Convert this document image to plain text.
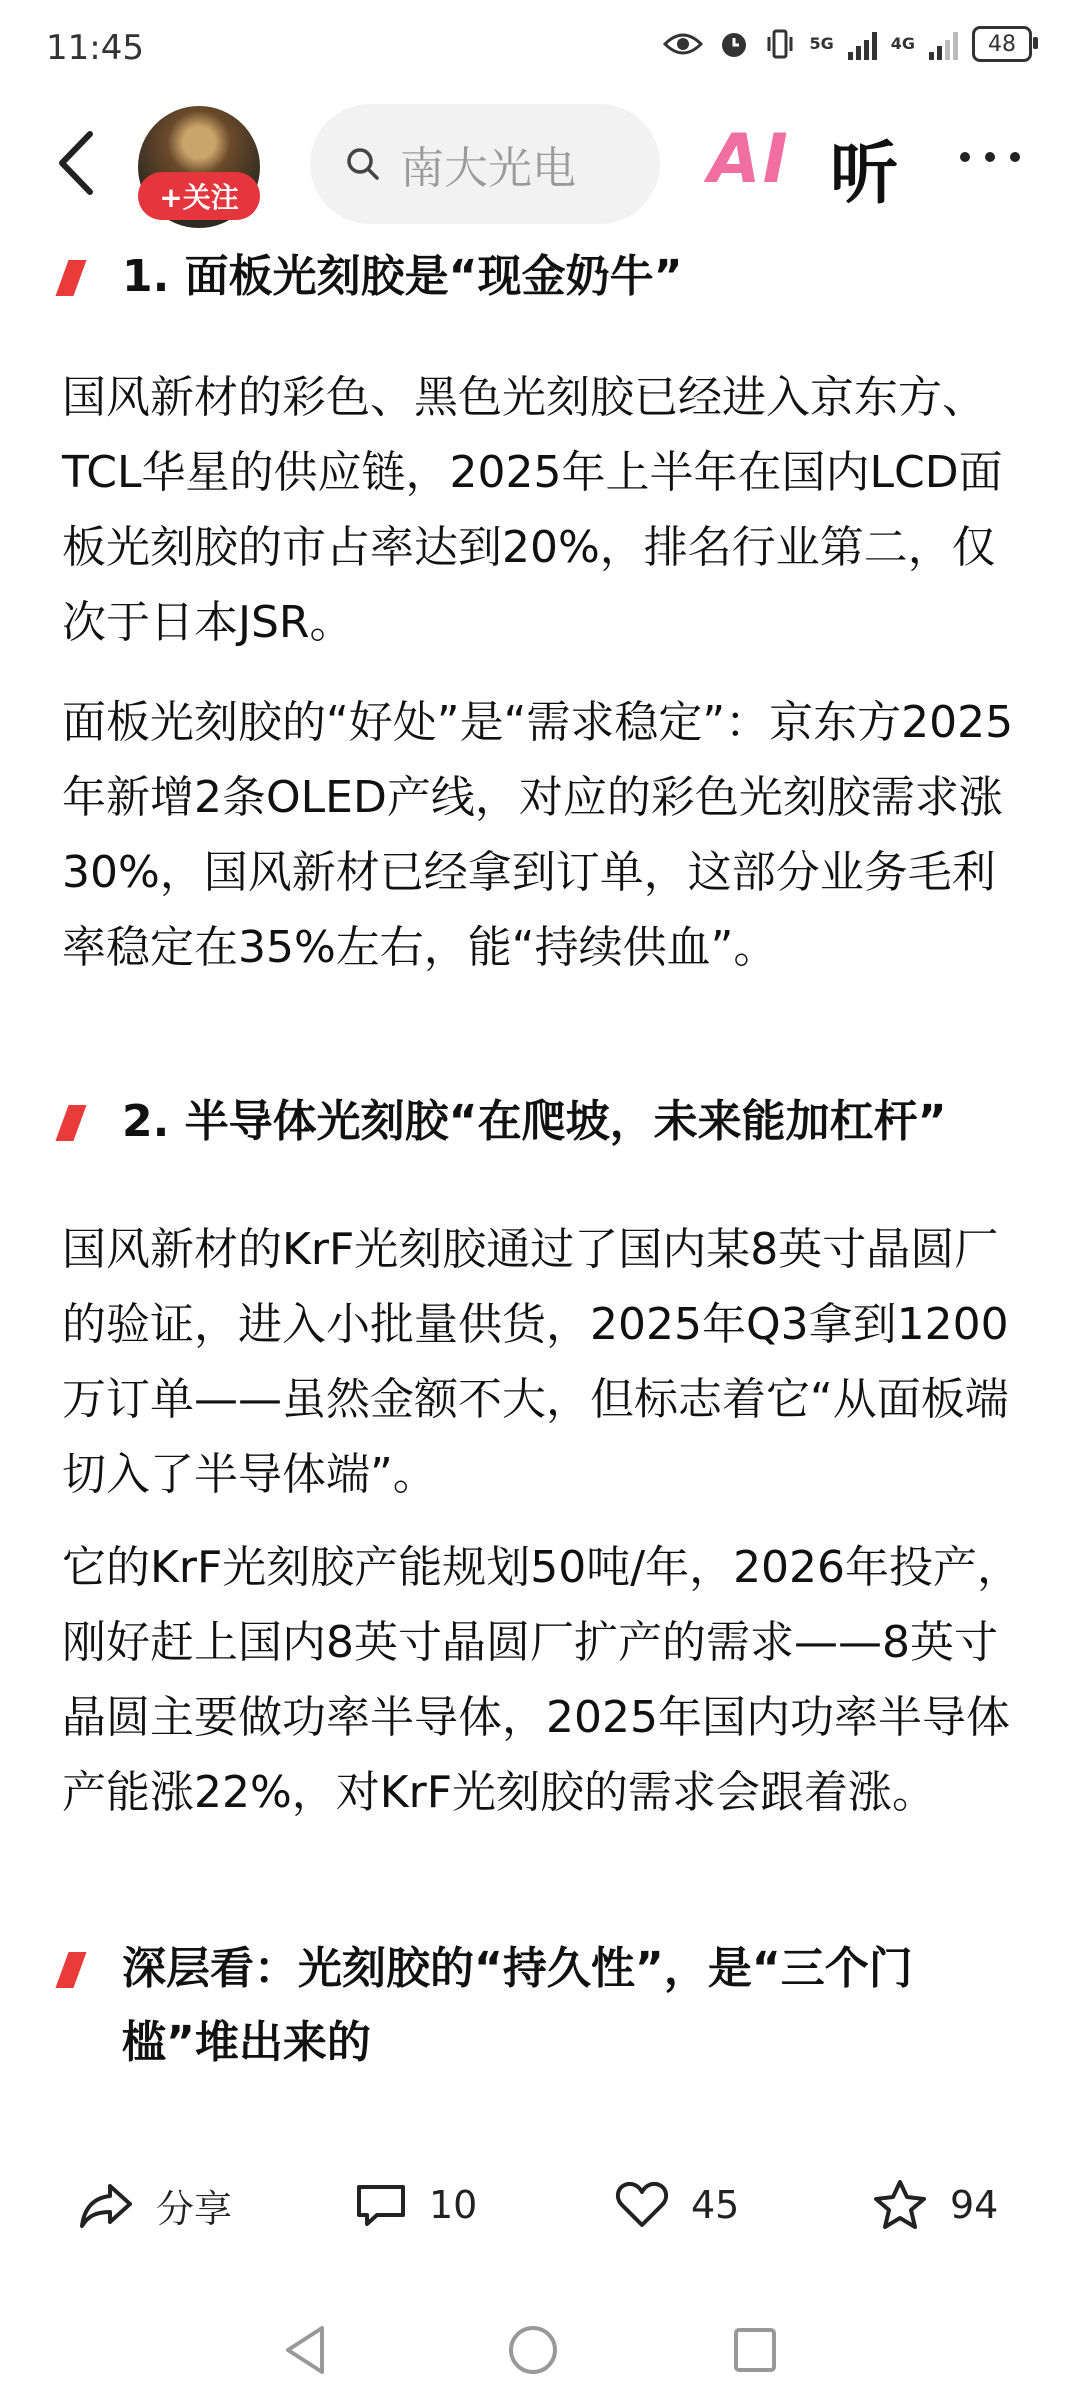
11:45	5G	4G	48
+关注
南大光电 AI 听
1. 面板光刻胶是“现金奶牛”

国风新材的彩色、黑色光刻胶已经进入京东方、TCL华星的供应链，2025年上半年在国内LCD面板光刻胶的市占率达到20%，排名行业第二，仅次于日本JSR。

面板光刻胶的“好处”是“需求稳定”：京东方2025年新增2条OLED产线，对应的彩色光刻胶需求涨30%，国风新材已经拿到订单，这部分业务毛利率稳定在35%左右，能“持续供血”。

2. 半导体光刻胶“在爬坡，未来能加杠杆”

国风新材的KrF光刻胶通过了国内某8英寸晶圆厂的验证，进入小批量供货，2025年Q3拿到1200万订单——虽然金额不大，但标志着它“从面板端切入了半导体端”。

它的KrF光刻胶产能规划50吨/年，2026年投产，刚好赶上国内8英寸晶圆厂扩产的需求——8英寸晶圆主要做功率半导体，2025年国内功率半导体产能涨22%，对KrF光刻胶的需求会跟着涨。

深层看：光刻胶的“持久性”，是“三个门槛”堆出来的
分享	10	45	94
